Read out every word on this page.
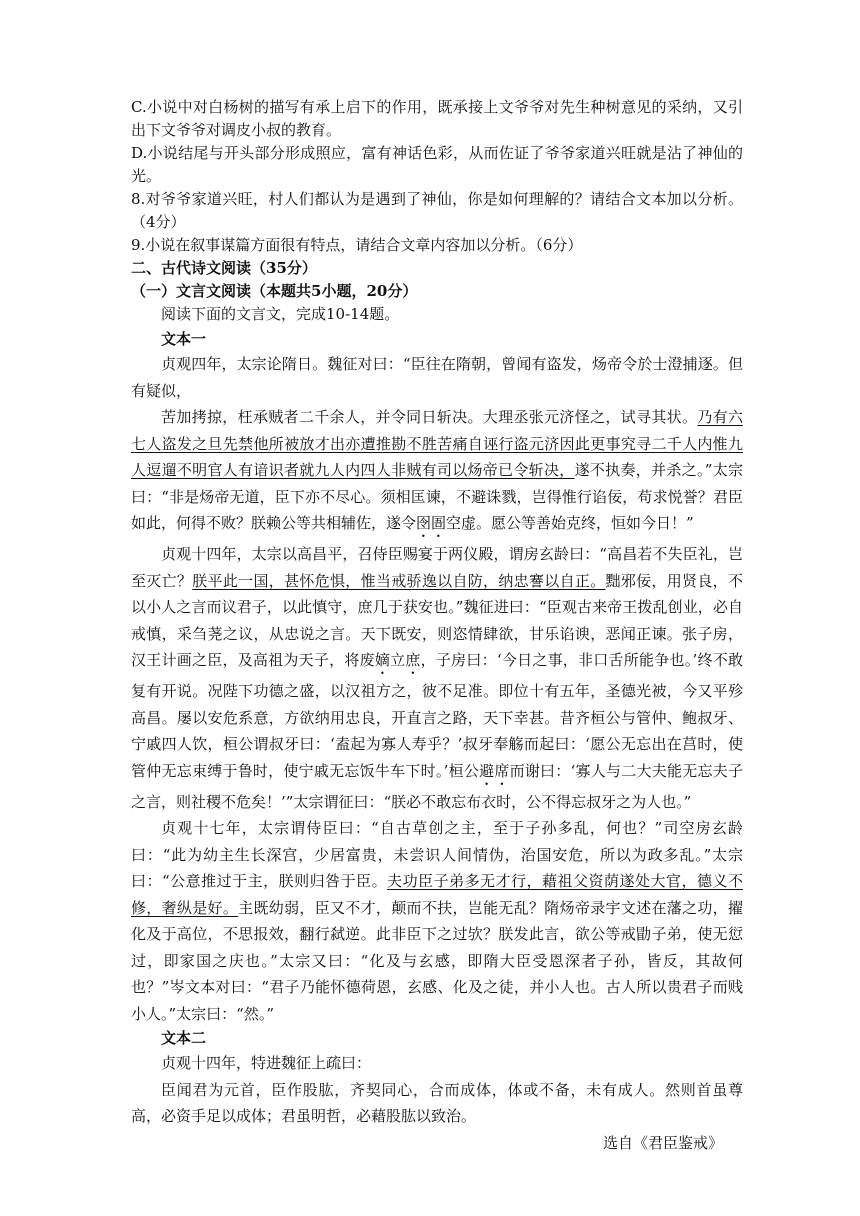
C.小说中对白杨树的描写有承上启下的作用，既承接上文爷爷对先生种树意见的采纳，又引出下文爷爷对调皮小叔的教育。

D.小说结尾与开头部分形成照应，富有神话色彩，从而佐证了爷爷家道兴旺就是沾了神仙的光。

8.对爷爷家道兴旺，村人们都认为是遇到了神仙，你是如何理解的？请结合文本加以分析。（4分）

9.小说在叙事谋篇方面很有特点，请结合文章内容加以分析。（6分）

二、古代诗文阅读（35分）

（一）文言文阅读（本题共5小题，20分）

阅读下面的文言文，完成10-14题。

文本一

贞观四年，太宗论隋日。魏征对曰：“臣往在隋朝，曾闻有盗发，炀帝令於士澄捕逐。但有疑似，

苦加拷掠，枉承贼者二千余人，并令同日斩决。大理丞张元济怪之，试寻其状。乃有六七人盗发之旦先禁他所被放才出亦遭推勘不胜苦痛自诬行盗元济因此更事究寻二千人内惟九人逗遛不明官人有谙识者就九人内四人非贼有司以炀帝已令斩决，遂不执奏，并杀之。”太宗曰：“非是炀帝无道，臣下亦不尽心。须相匡谏，不避诛戮，岂得惟行谄佞，苟求悦誉？君臣如此，何得不败？朕赖公等共相辅佐，遂令囹圄空虚。愿公等善始克终，恒如今日！”

贞观十四年，太宗以高昌平，召侍臣赐宴于两仪殿，谓房玄龄曰：“高昌若不失臣礼，岂至灭亡？朕平此一国，甚怀危惧，惟当戒骄逸以自防，纳忠謇以自正。黜邪佞，用贤良，不以小人之言而议君子，以此慎守，庶几于获安也。”魏征进曰：“臣观古来帝王拨乱创业，必自戒慎，采刍荛之议，从忠说之言。天下既安，则恣情肆欲，甘乐谄谀，恶闻正谏。张子房，汉王计画之臣，及高祖为天子，将废嫡立庶，子房曰：‘今日之事，非口舌所能争也。’终不敢复有开说。况陛下功德之盛，以汉祖方之，彼不足准。即位十有五年，圣德光被，今又平殄高昌。屡以安危系意，方欲纳用忠良，开直言之路，天下幸甚。昔齐桓公与管仲、鲍叔牙、宁戚四人饮，桓公谓叔牙曰：‘盍起为寡人寿乎？’叔牙奉觞而起曰：‘愿公无忘出在莒时，使管仲无忘束缚于鲁时，使宁戚无忘饭牛车下时。’桓公避席而谢曰：‘寡人与二大夫能无忘夫子之言，则社稷不危矣！’”太宗谓征曰：“朕必不敢忘布衣时，公不得忘叔牙之为人也。”

贞观十七年，太宗谓侍臣曰：“自古草创之主，至于子孙多乱，何也？”司空房玄龄曰：“此为幼主生长深宫，少居富贵，未尝识人间情伪，治国安危，所以为政多乱。”太宗曰：“公意推过于主，朕则归咎于臣。夫功臣子弟多无才行，藉祖父资荫遂处大官，德义不修，奢纵是好。主既幼弱，臣又不才，颠而不扶，岂能无乱？隋炀帝录宇文述在藩之功，擢化及于高位，不思报效，翻行弑逆。此非臣下之过欤？朕发此言，欲公等戒勖子弟，使无愆过，即家国之庆也。”太宗又曰：“化及与玄感，即隋大臣受恩深者子孙，皆反，其故何也？”岑文本对曰：“君子乃能怀德荷恩，玄感、化及之徒，并小人也。古人所以贵君子而贱小人。”太宗曰：“然。”

文本二

贞观十四年，特进魏征上疏曰：

臣闻君为元首，臣作股肱，齐契同心，合而成体，体或不备，未有成人。然则首虽尊高，必资手足以成体；君虽明哲，必藉股肱以致治。

选自《君臣鉴戒》
